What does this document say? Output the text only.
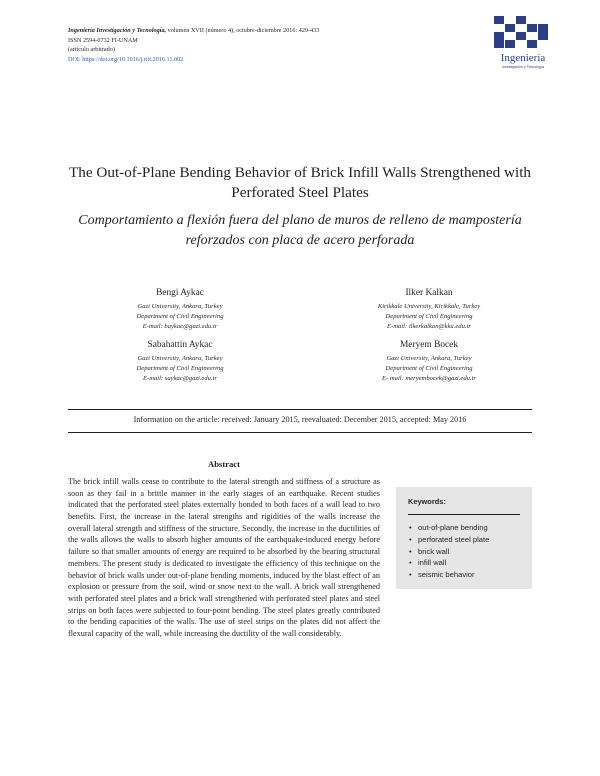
Ingeniería Investigación y Tecnología, volumen XVII (número 4), octubre-diciembre 2016: 429-433
ISSN 2594-0732 FI-UNAM
(artículo arbitrado)
DOI: https://doi.org/10.1016/j.riit.2016.11.002	Ingeniería
Investigación y Tecnología
The Out-of-Plane Bending Behavior of Brick Infill Walls Strengthened with Perforated Steel Plates
Comportamiento a flexión fuera del plano de muros de relleno de mampostería reforzados con placa de acero perforada
Bengi Aykac
Gazi University, Ankara, Turkey
Department of Civil Engineering
E-mail: baykac@gazi.edu.tr
Ilker Kalkan
Kirikkale University, Kirikkale, Turkey
Department of Civil Engineering
E-mail: ilkerkalkan@kku.edu.tr
Sabahattin Aykac
Gazi University, Ankara, Turkey
Department of Civil Engineering
E-mail: saykac@gazi.edu.tr
Meryem Bocek
Gazi University, Ankara, Turkey
Department of Civil Engineering
E- mail: meryembocek@gazi.edu.tr
Information on the article: received: January 2015, reevaluated: December 2015, accepted: May 2016
Abstract
The brick infill walls cease to contribute to the lateral strength and stiffness of a structure as soon as they fail in a brittle manner in the early stages of an earthquake. Recent studies indicated that the perforated steel plates externally bonded to both faces of a wall lead to two benefits. First, the increase in the lateral strengths and rigidities of the walls increase the overall lateral strength and stiffness of the structure. Secondly, the increase in the ductilities of the walls allows the walls to absorb higher amounts of the earthquake-induced energy before failure so that smaller amounts of energy are required to be absorbed by the bearing structural members. The present study is dedicated to investigate the efficiency of this technique on the behavior of brick walls under out-of-plane bending moments, induced by the blast effect of an explosion or pressure from the soil, wind or snow next to the wall. A brick wall strengthened with perforated steel plates and a brick wall strengthened with perforated steel plates and steel strips on both faces were subjected to four-point bending. The steel plates greatly contributed to the bending capacities of the walls. The use of steel strips on the plates did not affect the flexural capacity of the wall, while increasing the ductility of the wall considerably.
Keywords:
• out-of-plane bending
• perforated steel plate
• brick wall
• infill wall
• seismic behavior
